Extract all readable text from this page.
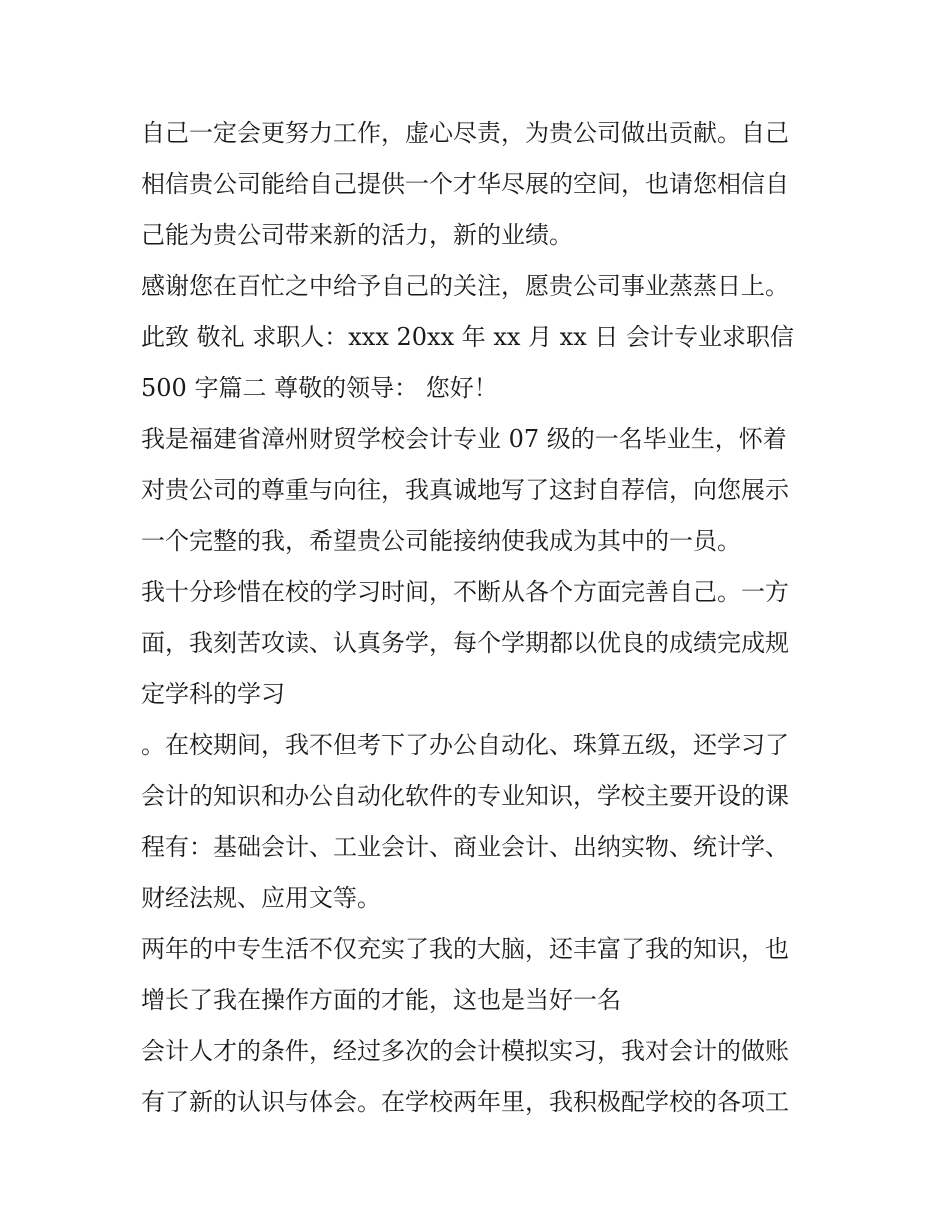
自己一定会更努力工作，虚心尽责，为贵公司做出贡献。自己
相信贵公司能给自己提供一个才华尽展的空间，也请您相信自
己能为贵公司带来新的活力，新的业绩。
感谢您在百忙之中给予自己的关注，愿贵公司事业蒸蒸日上。
此致 敬礼 求职人：xxx 20xx 年 xx 月 xx 日 会计专业求职信
500 字篇二 尊敬的领导： 您好！
我是福建省漳州财贸学校会计专业 07 级的一名毕业生，怀着
对贵公司的尊重与向往，我真诚地写了这封自荐信，向您展示
一个完整的我，希望贵公司能接纳使我成为其中的一员。
我十分珍惜在校的学习时间，不断从各个方面完善自己。一方
面，我刻苦攻读、认真务学，每个学期都以优良的成绩完成规
定学科的学习
。在校期间，我不但考下了办公自动化、珠算五级，还学习了
会计的知识和办公自动化软件的专业知识，学校主要开设的课
程有：基础会计、工业会计、商业会计、出纳实物、统计学、
财经法规、应用文等。
两年的中专生活不仅充实了我的大脑，还丰富了我的知识，也
增长了我在操作方面的才能，这也是当好一名
会计人才的条件，经过多次的会计模拟实习，我对会计的做账
有了新的认识与体会。在学校两年里，我积极配学校的各项工
